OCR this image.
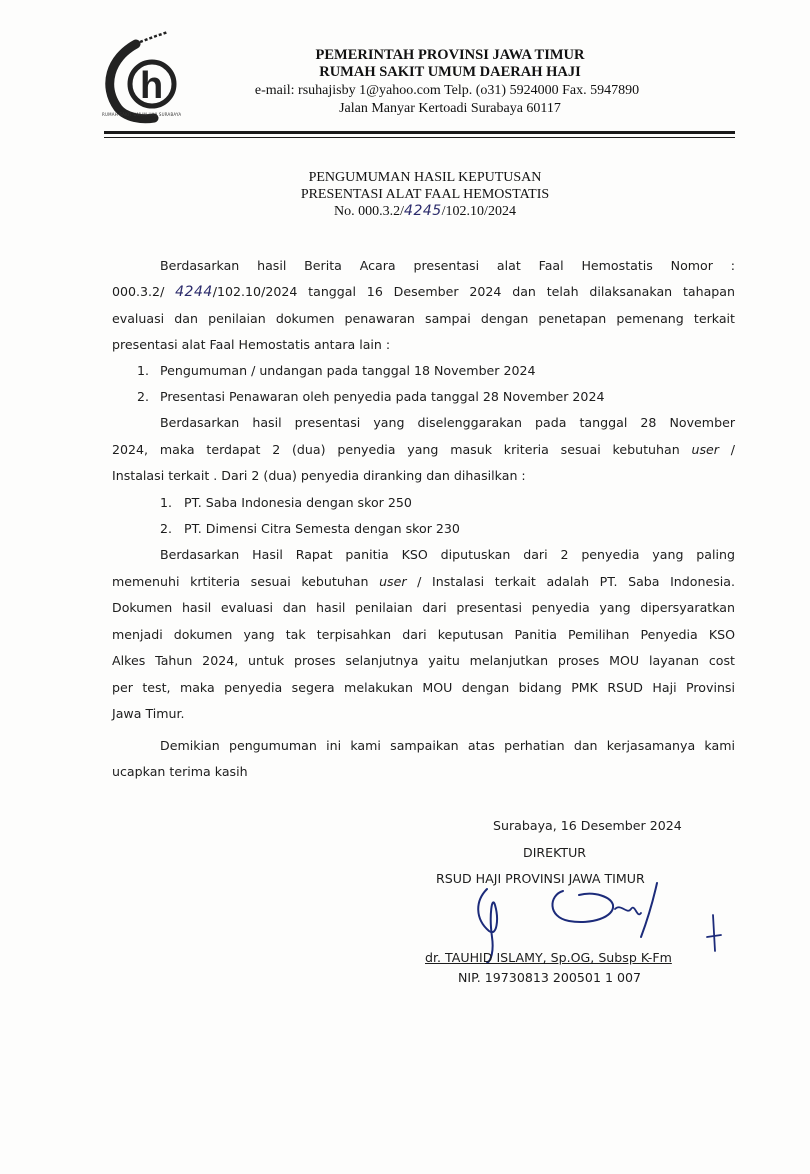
h
RUMAH SAKIT UMUM HAJI SURABAYA
PEMERINTAH PROVINSI JAWA TIMUR
RUMAH SAKIT UMUM DAERAH HAJI
e-mail: rsuhajisby 1@yahoo.com Telp. (o31) 5924000 Fax. 5947890
Jalan Manyar Kertoadi Surabaya 60117
PENGUMUMAN HASIL KEPUTUSAN
PRESENTASI ALAT FAAL HEMOSTATIS
No. 000.3.2/4245/102.10/2024
Berdasarkan hasil Berita Acara presentasi alat Faal Hemostatis Nomor :
000.3.2/ 4244/102.10/2024 tanggal 16 Desember 2024 dan telah dilaksanakan tahapan
evaluasi dan penilaian dokumen penawaran sampai dengan penetapan pemenang terkait
presentasi alat Faal Hemostatis antara lain :
1. Pengumuman / undangan pada tanggal 18 November 2024
2. Presentasi Penawaran oleh penyedia pada tanggal 28 November 2024
Berdasarkan hasil presentasi yang diselenggarakan pada tanggal 28 November
2024, maka terdapat 2 (dua) penyedia yang masuk kriteria sesuai kebutuhan user /
Instalasi terkait . Dari 2 (dua) penyedia diranking dan dihasilkan :
1. PT. Saba Indonesia dengan skor 250
2. PT. Dimensi Citra Semesta dengan skor 230
Berdasarkan Hasil Rapat panitia KSO diputuskan dari 2 penyedia yang paling
memenuhi krtiteria sesuai kebutuhan user / Instalasi terkait adalah PT. Saba Indonesia.
Dokumen hasil evaluasi dan hasil penilaian dari presentasi penyedia yang dipersyaratkan
menjadi dokumen yang tak terpisahkan dari keputusan Panitia Pemilihan Penyedia KSO
Alkes Tahun 2024, untuk proses selanjutnya yaitu melanjutkan proses MOU layanan cost
per test, maka penyedia segera melakukan MOU dengan bidang PMK RSUD Haji Provinsi
Jawa Timur.
Demikian pengumuman ini kami sampaikan atas perhatian dan kerjasamanya kami
ucapkan terima kasih
Surabaya, 16 Desember 2024
DIREKTUR
RSUD HAJI PROVINSI JAWA TIMUR
dr. TAUHID ISLAMY, Sp.OG, Subsp K-Fm
NIP. 19730813 200501 1 007
